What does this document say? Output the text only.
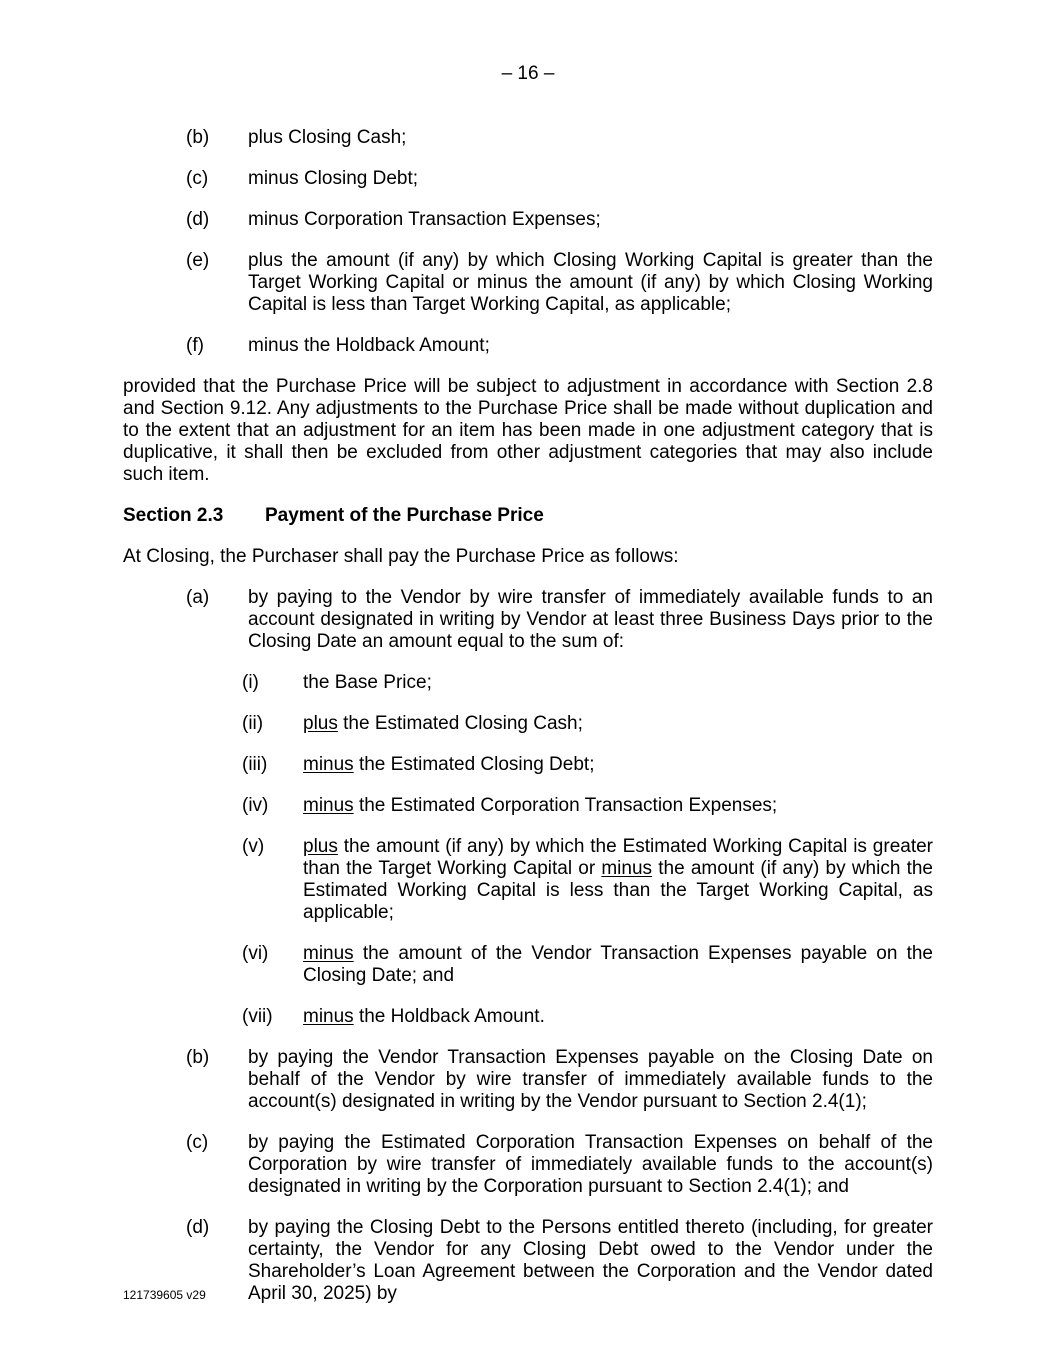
– 16 –
(b) plus Closing Cash;
(c) minus Closing Debt;
(d) minus Corporation Transaction Expenses;
(e) plus the amount (if any) by which Closing Working Capital is greater than the Target Working Capital or minus the amount (if any) by which Closing Working Capital is less than Target Working Capital, as applicable;
(f) minus the Holdback Amount;
provided that the Purchase Price will be subject to adjustment in accordance with Section 2.8 and Section 9.12. Any adjustments to the Purchase Price shall be made without duplication and to the extent that an adjustment for an item has been made in one adjustment category that is duplicative, it shall then be excluded from other adjustment categories that may also include such item.
Section 2.3 Payment of the Purchase Price
At Closing, the Purchaser shall pay the Purchase Price as follows:
(a) by paying to the Vendor by wire transfer of immediately available funds to an account designated in writing by Vendor at least three Business Days prior to the Closing Date an amount equal to the sum of:
(i) the Base Price;
(ii) plus the Estimated Closing Cash;
(iii) minus the Estimated Closing Debt;
(iv) minus the Estimated Corporation Transaction Expenses;
(v) plus the amount (if any) by which the Estimated Working Capital is greater than the Target Working Capital or minus the amount (if any) by which the Estimated Working Capital is less than the Target Working Capital, as applicable;
(vi) minus the amount of the Vendor Transaction Expenses payable on the Closing Date; and
(vii) minus the Holdback Amount.
(b) by paying the Vendor Transaction Expenses payable on the Closing Date on behalf of the Vendor by wire transfer of immediately available funds to the account(s) designated in writing by the Vendor pursuant to Section 2.4(1);
(c) by paying the Estimated Corporation Transaction Expenses on behalf of the Corporation by wire transfer of immediately available funds to the account(s) designated in writing by the Corporation pursuant to Section 2.4(1); and
(d) by paying the Closing Debt to the Persons entitled thereto (including, for greater certainty, the Vendor for any Closing Debt owed to the Vendor under the Shareholder’s Loan Agreement between the Corporation and the Vendor dated April 30, 2025) by
121739605 v29
